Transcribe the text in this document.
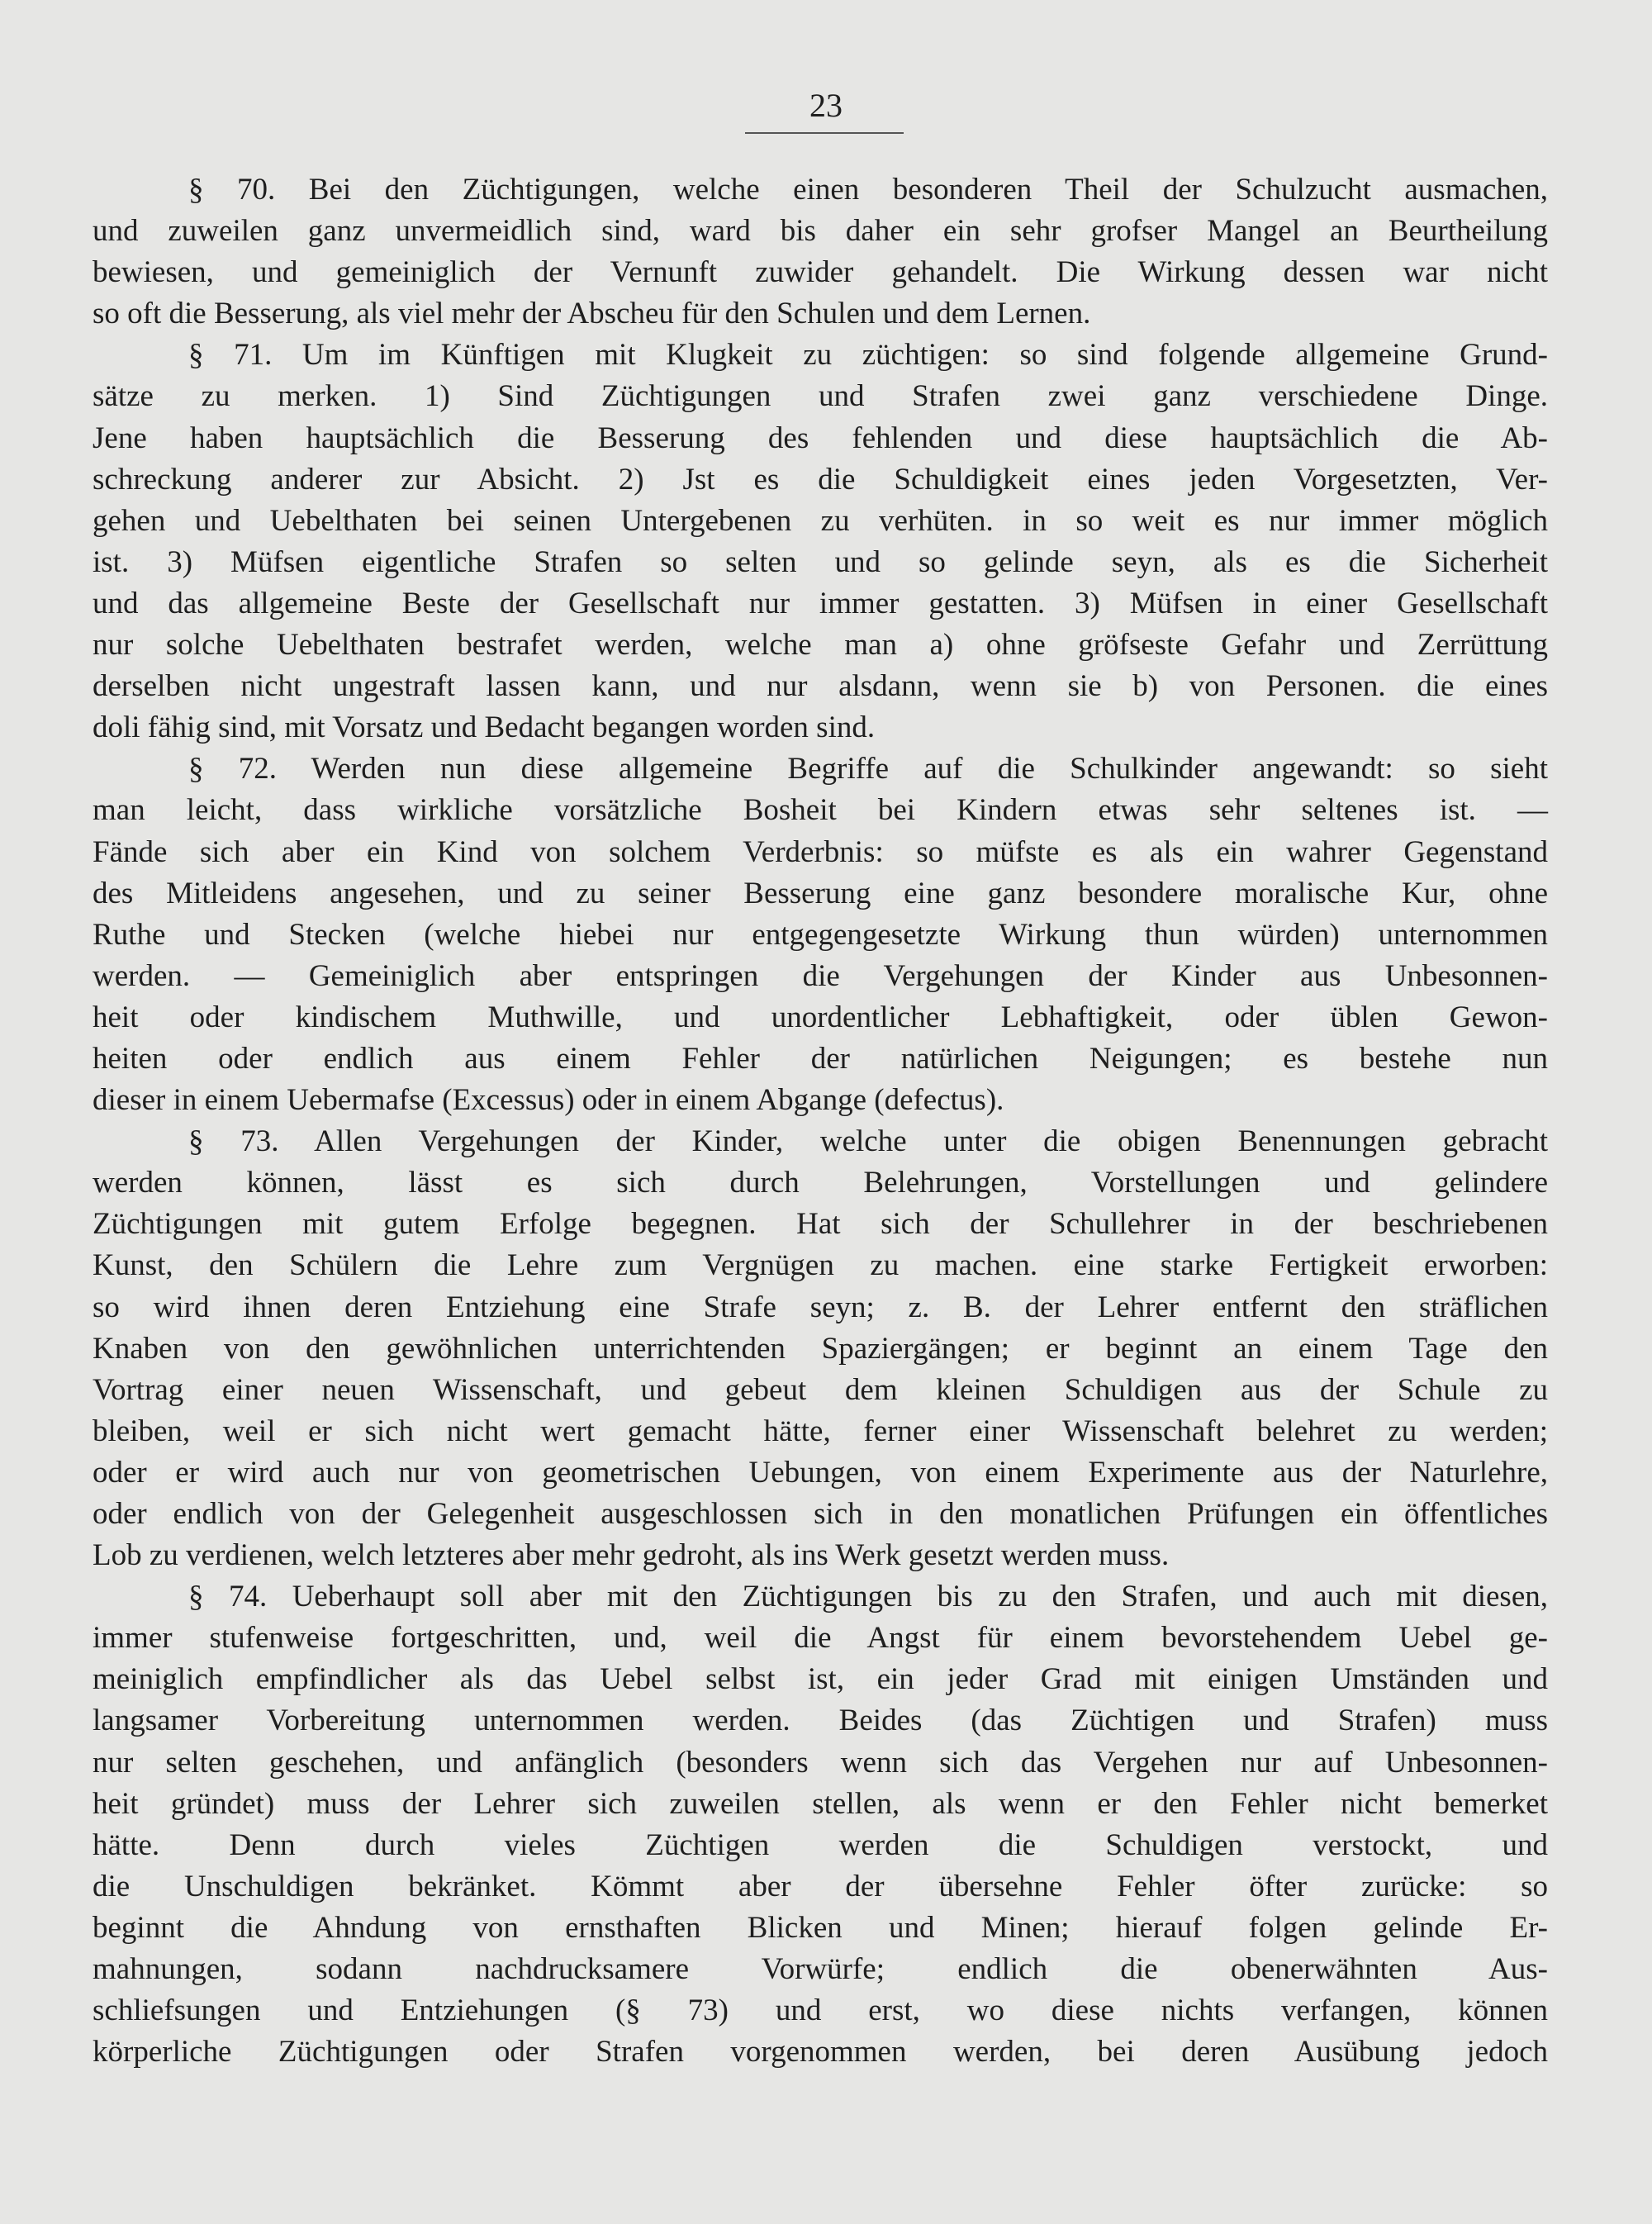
23
§ 70. Bei den Züchtigungen, welche einen besonderen Theil der Schulzucht ausmachen,
und zuweilen ganz unvermeidlich sind, ward bis daher ein sehr grofser Mangel an Beurtheilung
bewiesen, und gemeiniglich der Vernunft zuwider gehandelt. Die Wirkung dessen war nicht
so oft die Besserung, als viel mehr der Abscheu für den Schulen und dem Lernen.
§ 71. Um im Künftigen mit Klugkeit zu züchtigen: so sind folgende allgemeine Grund-
sätze zu merken. 1) Sind Züchtigungen und Strafen zwei ganz verschiedene Dinge.
Jene haben hauptsächlich die Besserung des fehlenden und diese hauptsächlich die Ab-
schreckung anderer zur Absicht. 2) Jst es die Schuldigkeit eines jeden Vorgesetzten, Ver-
gehen und Uebelthaten bei seinen Untergebenen zu verhüten. in so weit es nur immer möglich
ist. 3) Müfsen eigentliche Strafen so selten und so gelinde seyn, als es die Sicherheit
und das allgemeine Beste der Gesellschaft nur immer gestatten. 3) Müfsen in einer Gesellschaft
nur solche Uebelthaten bestrafet werden, welche man a) ohne gröfseste Gefahr und Zerrüttung
derselben nicht ungestraft lassen kann, und nur alsdann, wenn sie b) von Personen. die eines
doli fähig sind, mit Vorsatz und Bedacht begangen worden sind.
§ 72. Werden nun diese allgemeine Begriffe auf die Schulkinder angewandt: so sieht
man leicht, dass wirkliche vorsätzliche Bosheit bei Kindern etwas sehr seltenes ist. —
Fände sich aber ein Kind von solchem Verderbnis: so müfste es als ein wahrer Gegenstand
des Mitleidens angesehen, und zu seiner Besserung eine ganz besondere moralische Kur, ohne
Ruthe und Stecken (welche hiebei nur entgegengesetzte Wirkung thun würden) unternommen
werden. — Gemeiniglich aber entspringen die Vergehungen der Kinder aus Unbesonnen-
heit oder kindischem Muthwille, und unordentlicher Lebhaftigkeit, oder üblen Gewon-
heiten oder endlich aus einem Fehler der natürlichen Neigungen; es bestehe nun
dieser in einem Uebermafse (Excessus) oder in einem Abgange (defectus).
§ 73. Allen Vergehungen der Kinder, welche unter die obigen Benennungen gebracht
werden können, lässt es sich durch Belehrungen, Vorstellungen und gelindere
Züchtigungen mit gutem Erfolge begegnen. Hat sich der Schullehrer in der beschriebenen
Kunst, den Schülern die Lehre zum Vergnügen zu machen. eine starke Fertigkeit erworben:
so wird ihnen deren Entziehung eine Strafe seyn; z. B. der Lehrer entfernt den sträflichen
Knaben von den gewöhnlichen unterrichtenden Spaziergängen; er beginnt an einem Tage den
Vortrag einer neuen Wissenschaft, und gebeut dem kleinen Schuldigen aus der Schule zu
bleiben, weil er sich nicht wert gemacht hätte, ferner einer Wissenschaft belehret zu werden;
oder er wird auch nur von geometrischen Uebungen, von einem Experimente aus der Naturlehre,
oder endlich von der Gelegenheit ausgeschlossen sich in den monatlichen Prüfungen ein öffentliches
Lob zu verdienen, welch letzteres aber mehr gedroht, als ins Werk gesetzt werden muss.
§ 74. Ueberhaupt soll aber mit den Züchtigungen bis zu den Strafen, und auch mit diesen,
immer stufenweise fortgeschritten, und, weil die Angst für einem bevorstehendem Uebel ge-
meiniglich empfindlicher als das Uebel selbst ist, ein jeder Grad mit einigen Umständen und
langsamer Vorbereitung unternommen werden. Beides (das Züchtigen und Strafen) muss
nur selten geschehen, und anfänglich (besonders wenn sich das Vergehen nur auf Unbesonnen-
heit gründet) muss der Lehrer sich zuweilen stellen, als wenn er den Fehler nicht bemerket
hätte. Denn durch vieles Züchtigen werden die Schuldigen verstockt, und
die Unschuldigen bekränket. Kömmt aber der übersehne Fehler öfter zurücke: so
beginnt die Ahndung von ernsthaften Blicken und Minen; hierauf folgen gelinde Er-
mahnungen, sodann nachdrucksamere Vorwürfe; endlich die obenerwähnten Aus-
schliefsungen und Entziehungen (§ 73) und erst, wo diese nichts verfangen, können
körperliche Züchtigungen oder Strafen vorgenommen werden, bei deren Ausübung jedoch
